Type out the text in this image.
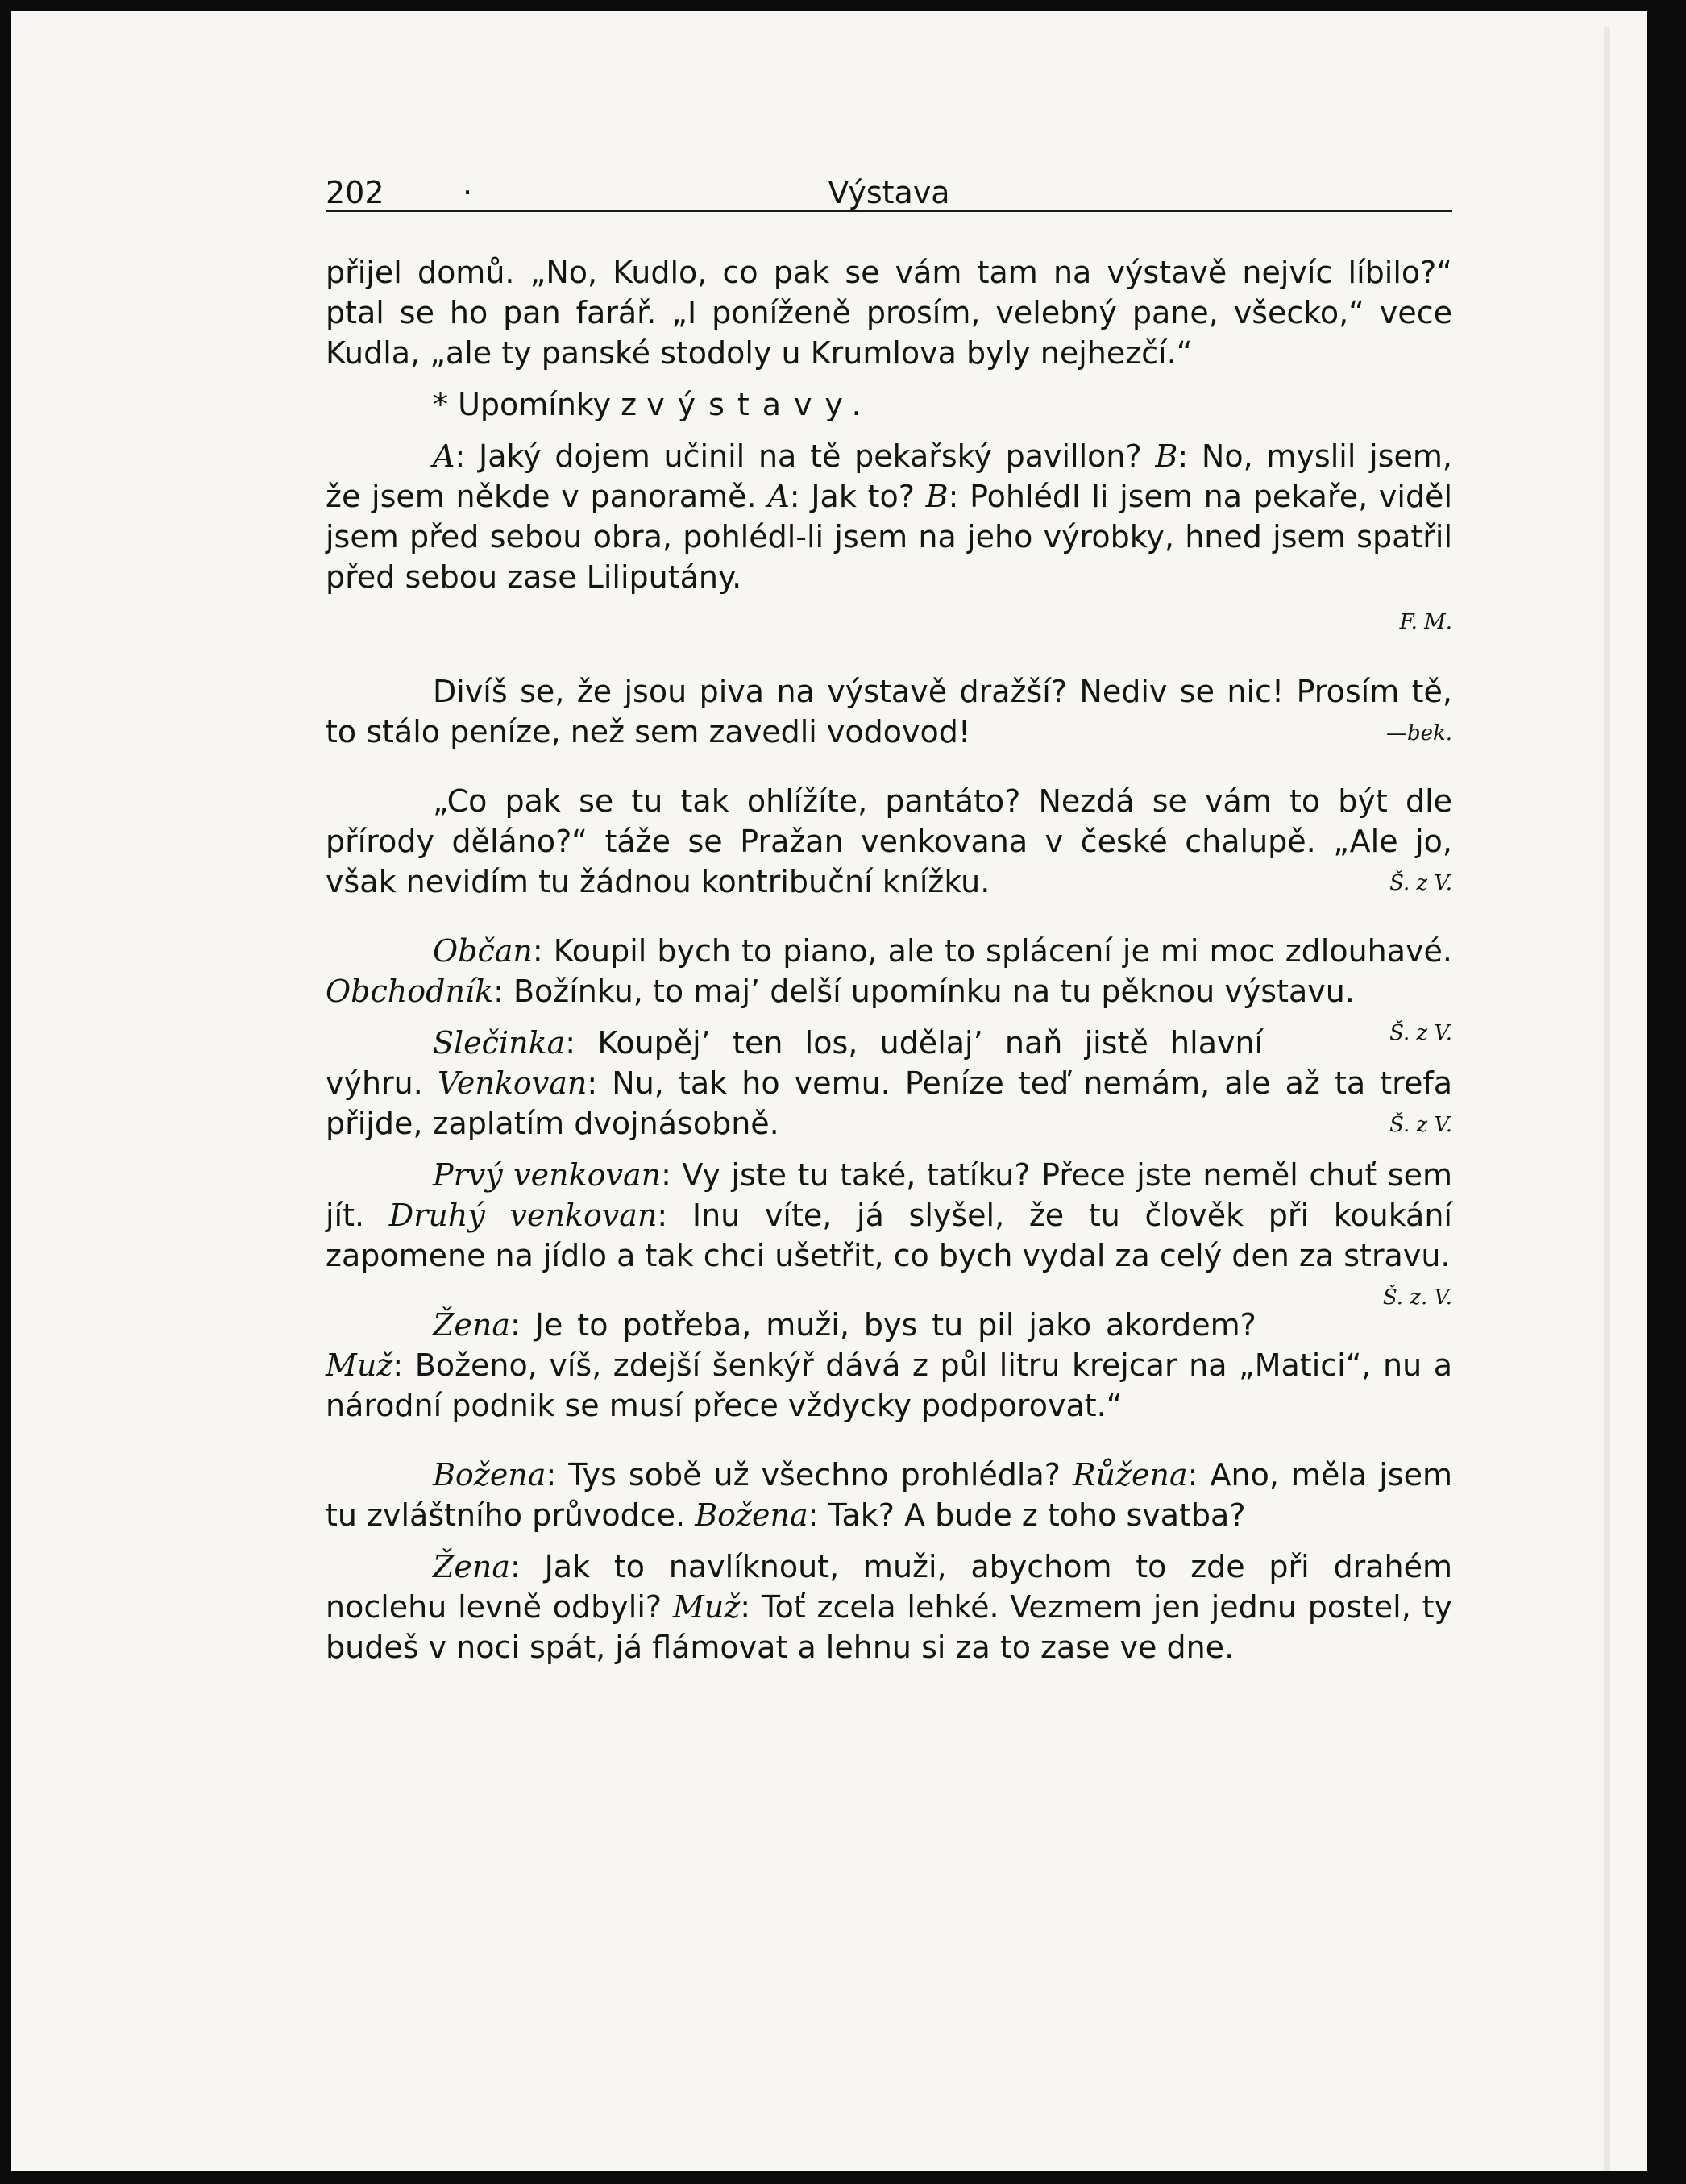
202	·	Výstava

přijel domů. „No, Kudlo, co pak se vám tam na výstavě nejvíc líbilo?“ ptal se ho pan farář. „I poníženě prosím, velebný pane, všecko,“ vece Kudla, „ale ty panské stodoly u Krumlova byly nejhezčí.“

* Upomínky z výstavy.

A: Jaký dojem učinil na tě pekařský pavillon? B: No, myslil jsem, že jsem někde v panoramě. A: Jak to? B: Pohlédl li jsem na pekaře, viděl jsem před sebou obra, pohlédl-li jsem na jeho výrobky, hned jsem spatřil před sebou zase Liliputány.

F. M.

Divíš se, že jsou piva na výstavě dražší? Nediv se nic! Prosím tě, to stálo peníze, než sem zavedli vodovod!	—bek.

„Co pak se tu tak ohlížíte, pantáto? Nezdá se vám to být dle přírody děláno?“ táže se Pražan venkovana v české chalupě. „Ale jo, však nevidím tu žádnou kontribuční knížku.	Š. z V.

Občan: Koupil bych to piano, ale to splácení je mi moc zdlouhavé. Obchodník: Božínku, to maj’ delší upomínku na tu pěknou výstavu.
Š. z V.

Slečinka: Koupěj’ ten los, udělaj’ naň jistě hlavní výhru. Venkovan: Nu, tak ho vemu. Peníze teď nemám, ale až ta trefa přijde, zaplatím dvojnásobně.	Š. z V.

Prvý venkovan: Vy jste tu také, tatíku? Přece jste neměl chuť sem jít. Druhý venkovan: Inu víte, já slyšel, že tu člověk při koukání zapomene na jídlo a tak chci ušetřit, co bych vydal za celý den za stravu.
Š. z. V.

Žena: Je to potřeba, muži, bys tu pil jako akordem? Muž: Boženo, víš, zdejší šenkýř dává z půl litru krejcar na „Matici“, nu a národní podnik se musí přece vždycky podporovat.“

Božena: Tys sobě už všechno prohlédla? Růžena: Ano, měla jsem tu zvláštního průvodce. Božena: Tak? A bude z toho svatba?

Žena: Jak to navlíknout, muži, abychom to zde při drahém noclehu levně odbyli? Muž: Toť zcela lehké. Vezmem jen jednu postel, ty budeš v noci spát, já flámovat a lehnu si za to zase ve dne.
